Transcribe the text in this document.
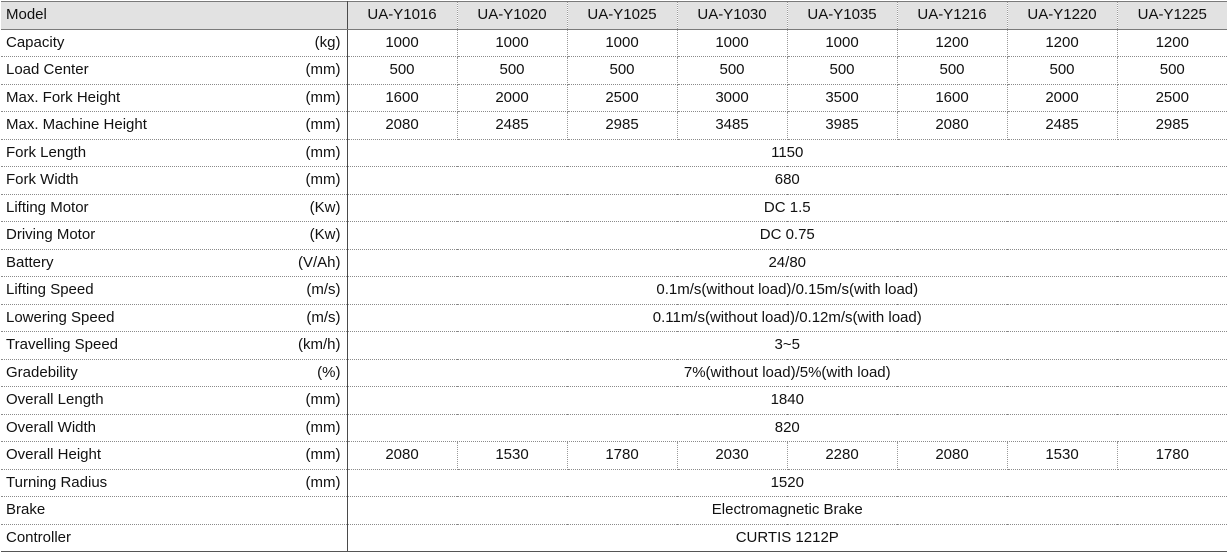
Model	UA-Y1016	UA-Y1020	UA-Y1025	UA-Y1030	UA-Y1035	UA-Y1216	UA-Y1220	UA-Y1225

Capacity (kg)	1000	1000	1000	1000	1000	1200	1200	1200

Load Center (mm)	500	500	500	500	500	500	500	500

Max. Fork Height (mm)	1600	2000	2500	3000	3500	1600	2000	2500

Max. Machine Height (mm)	2080	2485	2985	3485	3985	2080	2485	2985

Fork Length (mm)	1150							

Fork Width (mm)	680							

Lifting Motor (Kw)	DC 1.5							

Driving Motor (Kw)	DC 0.75							

Battery (V/Ah)	24/80							

Lifting Speed (m/s)	0.1m/s(without load)/0.15m/s(with load)							

Lowering Speed (m/s)	0.11m/s(without load)/0.12m/s(with load)							

Travelling Speed (km/h)	3~5							

Gradebility (%)	7%(without load)/5%(with load)							

Overall Length (mm)	1840							

Overall Width (mm)	820							

Overall Height (mm)	2080	1530	1780	2030	2280	2080	1530	1780

Turning Radius (mm)	1520							

Brake	Electromagnetic Brake							

Controller	CURTIS 1212P							
